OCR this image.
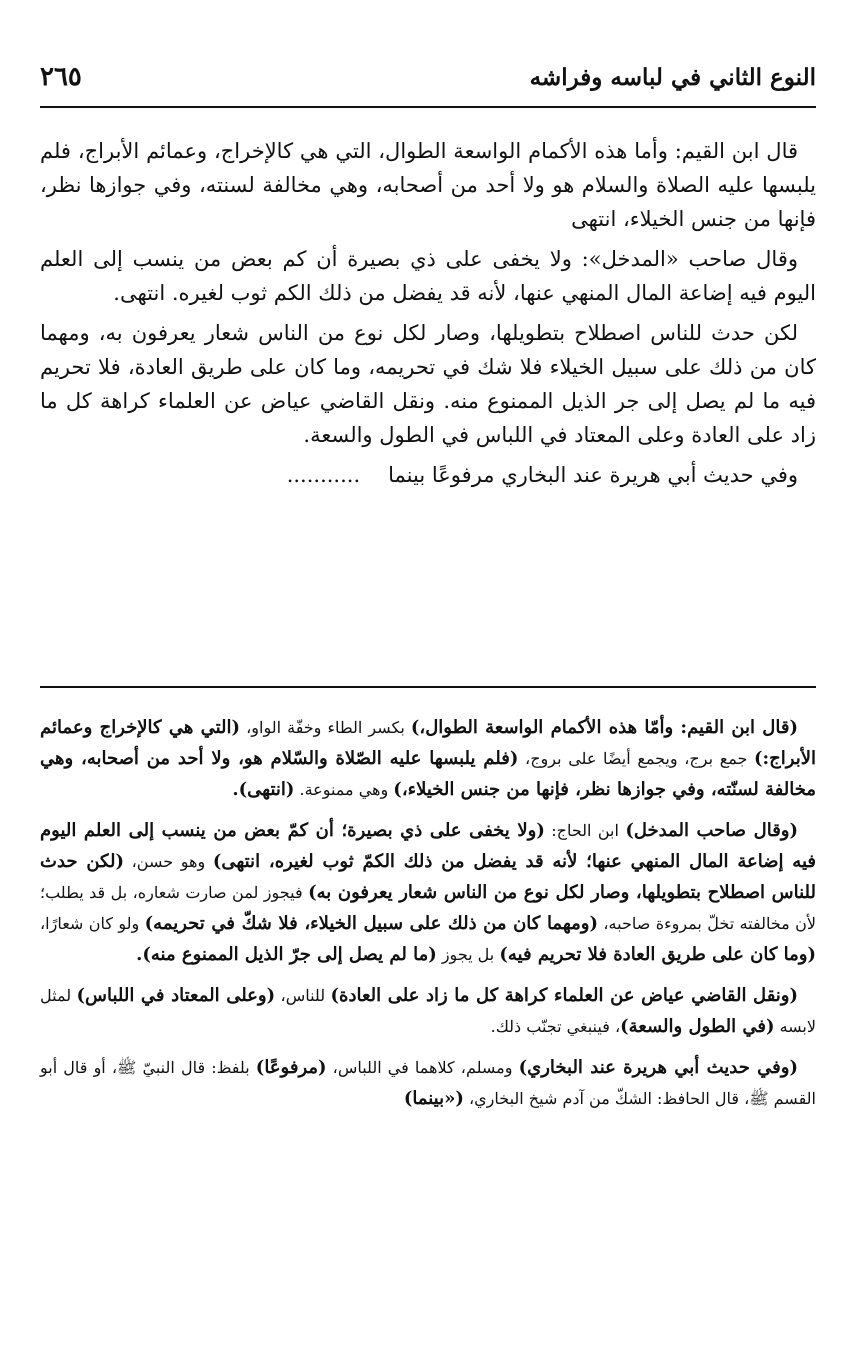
النوع الثاني في لباسه وفراشه
٢٦٥

قال ابن القيم: وأما هذه الأكمام الواسعة الطوال، التي هي كالإخراج، وعمائم الأبراج، فلم يلبسها عليه الصلاة والسلام هو ولا أحد من أصحابه، وهي مخالفة لسنته، وفي جوازها نظر، فإنها من جنس الخيلاء، انتهى

وقال صاحب «المدخل»: ولا يخفى على ذي بصيرة أن كم بعض من ينسب إلى العلم اليوم فيه إضاعة المال المنهي عنها، لأنه قد يفضل من ذلك الكم ثوب لغيره. انتهى.

لكن حدث للناس اصطلاح بتطويلها، وصار لكل نوع من الناس شعار يعرفون به، ومهما كان من ذلك على سبيل الخيلاء فلا شك في تحريمه، وما كان على طريق العادة، فلا تحريم فيه ما لم يصل إلى جر الذيل الممنوع منه. ونقل القاضي عياض عن العلماء كراهة كل ما زاد على العادة وعلى المعتاد في اللباس في الطول والسعة.

وفي حديث أبي هريرة عند البخاري مرفوعًا بينما...........

(قال ابن القيم: وأمّا هذه الأكمام الواسعة الطوال،) بكسر الطاء وخفّة الواو، (التي هي كالإخراج وعمائم الأبراج:) جمع برج، ويجمع أيضًا على بروج، (فلم يلبسها عليه الصّلاة والسّلام هو، ولا أحد من أصحابه، وهي مخالفة لسنّته، وفي جوازها نظر، فإنها من جنس الخيلاء،) وهي ممنوعة. (انتهى).

(وقال صاحب المدخل) ابن الحاج: (ولا يخفى على ذي بصيرة؛ أن كمّ بعض من ينسب إلى العلم اليوم فيه إضاعة المال المنهي عنها؛ لأنه قد يفضل من ذلك الكمّ ثوب لغيره، انتهى) وهو حسن، (لكن حدث للناس اصطلاح بتطويلها، وصار لكل نوع من الناس شعار يعرفون به) فيجوز لمن صارت شعاره، بل قد يطلب؛ لأن مخالفته تخلّ بمروءة صاحبه، (ومهما كان من ذلك على سبيل الخيلاء، فلا شكّ في تحريمه) ولو كان شعارًا، (وما كان على طريق العادة فلا تحريم فيه) بل يجوز (ما لم يصل إلى جرّ الذيل الممنوع منه).

(ونقل القاضي عياض عن العلماء كراهة كل ما زاد على العادة) للناس، (وعلى المعتاد في اللباس) لمثل لابسه (في الطول والسعة)، فينبغي تجنّب ذلك.

(وفي حديث أبي هريرة عند البخاري) ومسلم، كلاهما في اللباس، (مرفوعًا) بلفظ: قال النبيّ ﷺ، أو قال أبو القسم ﷺ، قال الحافظ: الشكّ من آدم شيخ البخاري، («بينما)
